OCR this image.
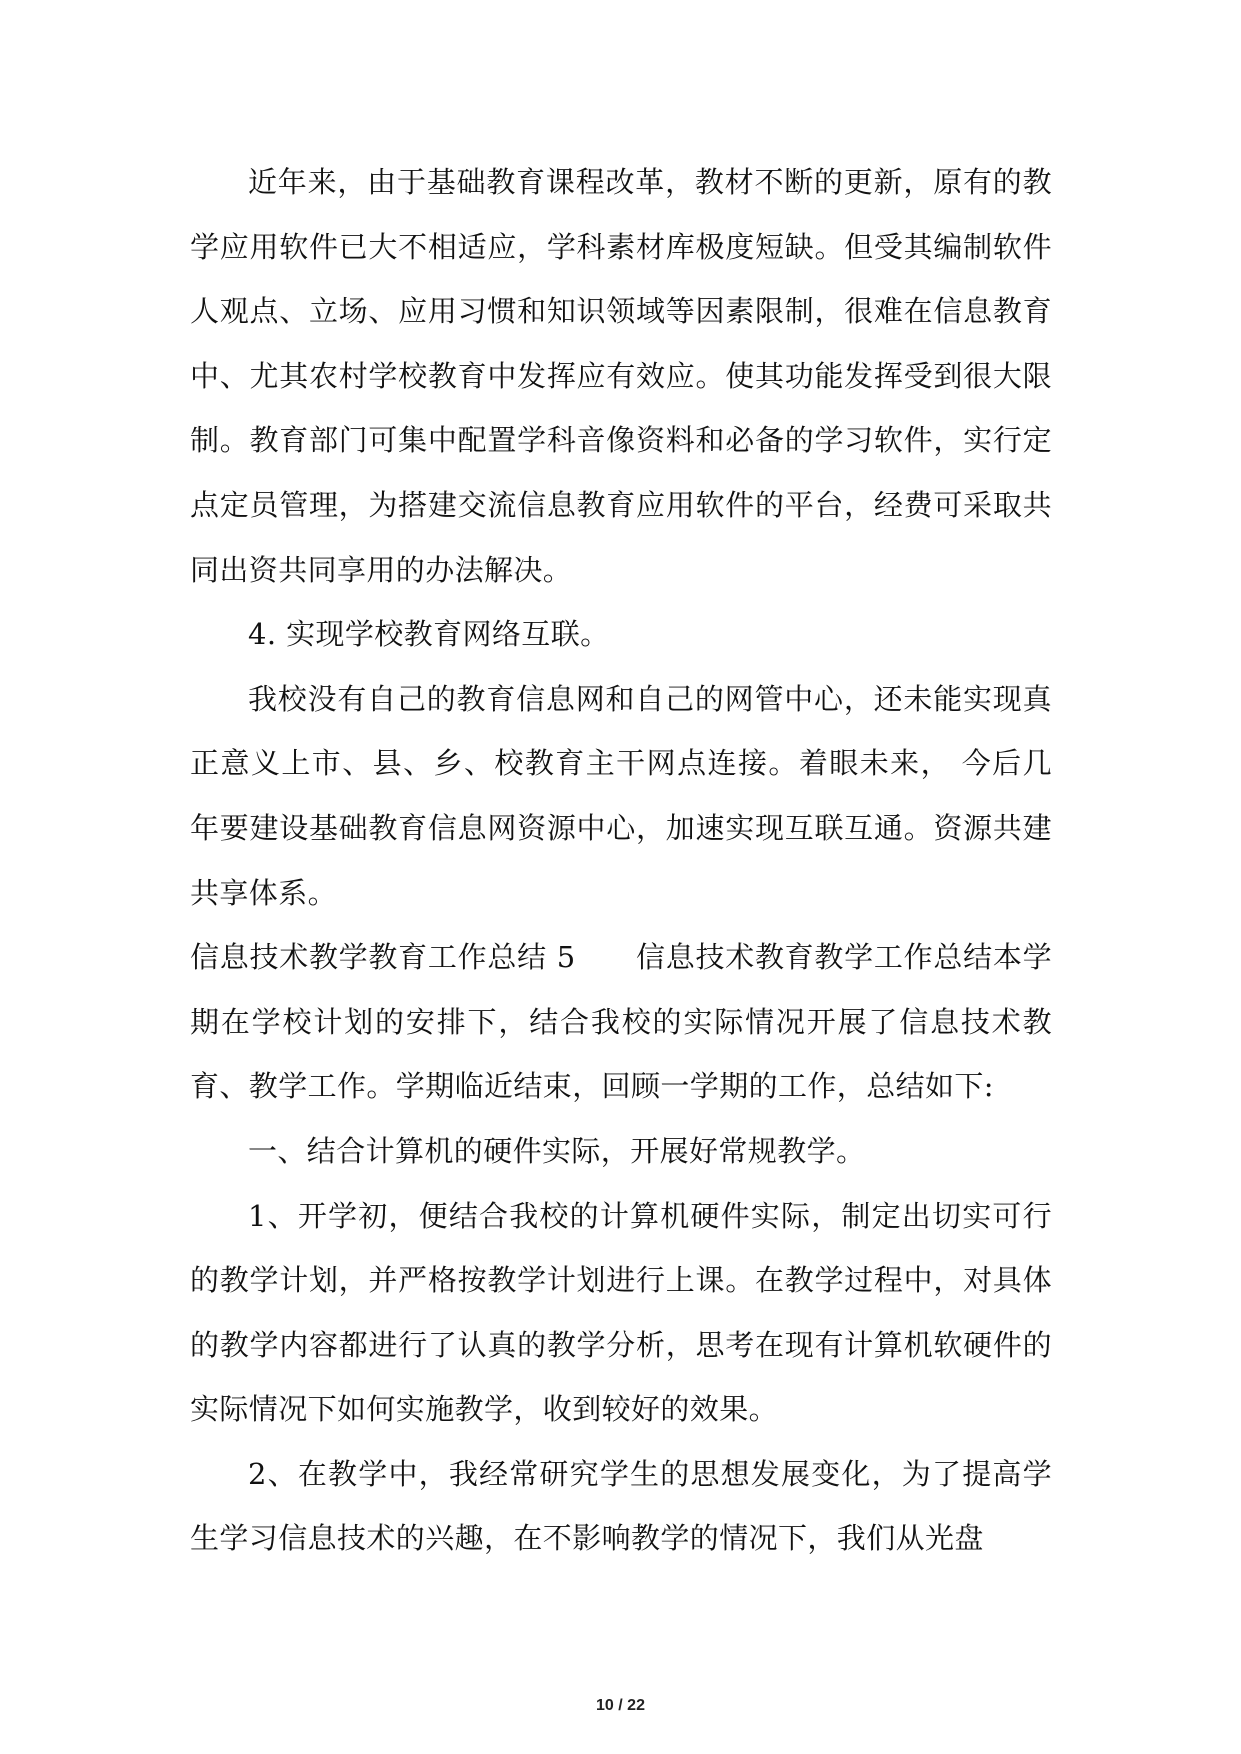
近年来，由于基础教育课程改革，教材不断的更新，原有的教学应用软件已大不相适应，学科素材库极度短缺。但受其编制软件人观点、立场、应用习惯和知识领域等因素限制，很难在信息教育中、尤其农村学校教育中发挥应有效应。使其功能发挥受到很大限制。教育部门可集中配置学科音像资料和必备的学习软件，实行定点定员管理，为搭建交流信息教育应用软件的平台，经费可采取共同出资共同享用的办法解决。

4. 实现学校教育网络互联。

我校没有自己的教育信息网和自己的网管中心，还未能实现真正意义上市、县、乡、校教育主干网点连接。着眼未来， 今后几年要建设基础教育信息网资源中心，加速实现互联互通。资源共建共享体系。

信息技术教学教育工作总结 5 信息技术教育教学工作总结本学期在学校计划的安排下，结合我校的实际情况开展了信息技术教育、教学工作。学期临近结束，回顾一学期的工作，总结如下:

一、结合计算机的硬件实际，开展好常规教学。

1、开学初，便结合我校的计算机硬件实际，制定出切实可行的教学计划，并严格按教学计划进行上课。在教学过程中，对具体的教学内容都进行了认真的教学分析，思考在现有计算机软硬件的实际情况下如何实施教学，收到较好的效果。

2、在教学中，我经常研究学生的思想发展变化，为了提高学生学习信息技术的兴趣，在不影响教学的情况下，我们从光盘

10 / 22
